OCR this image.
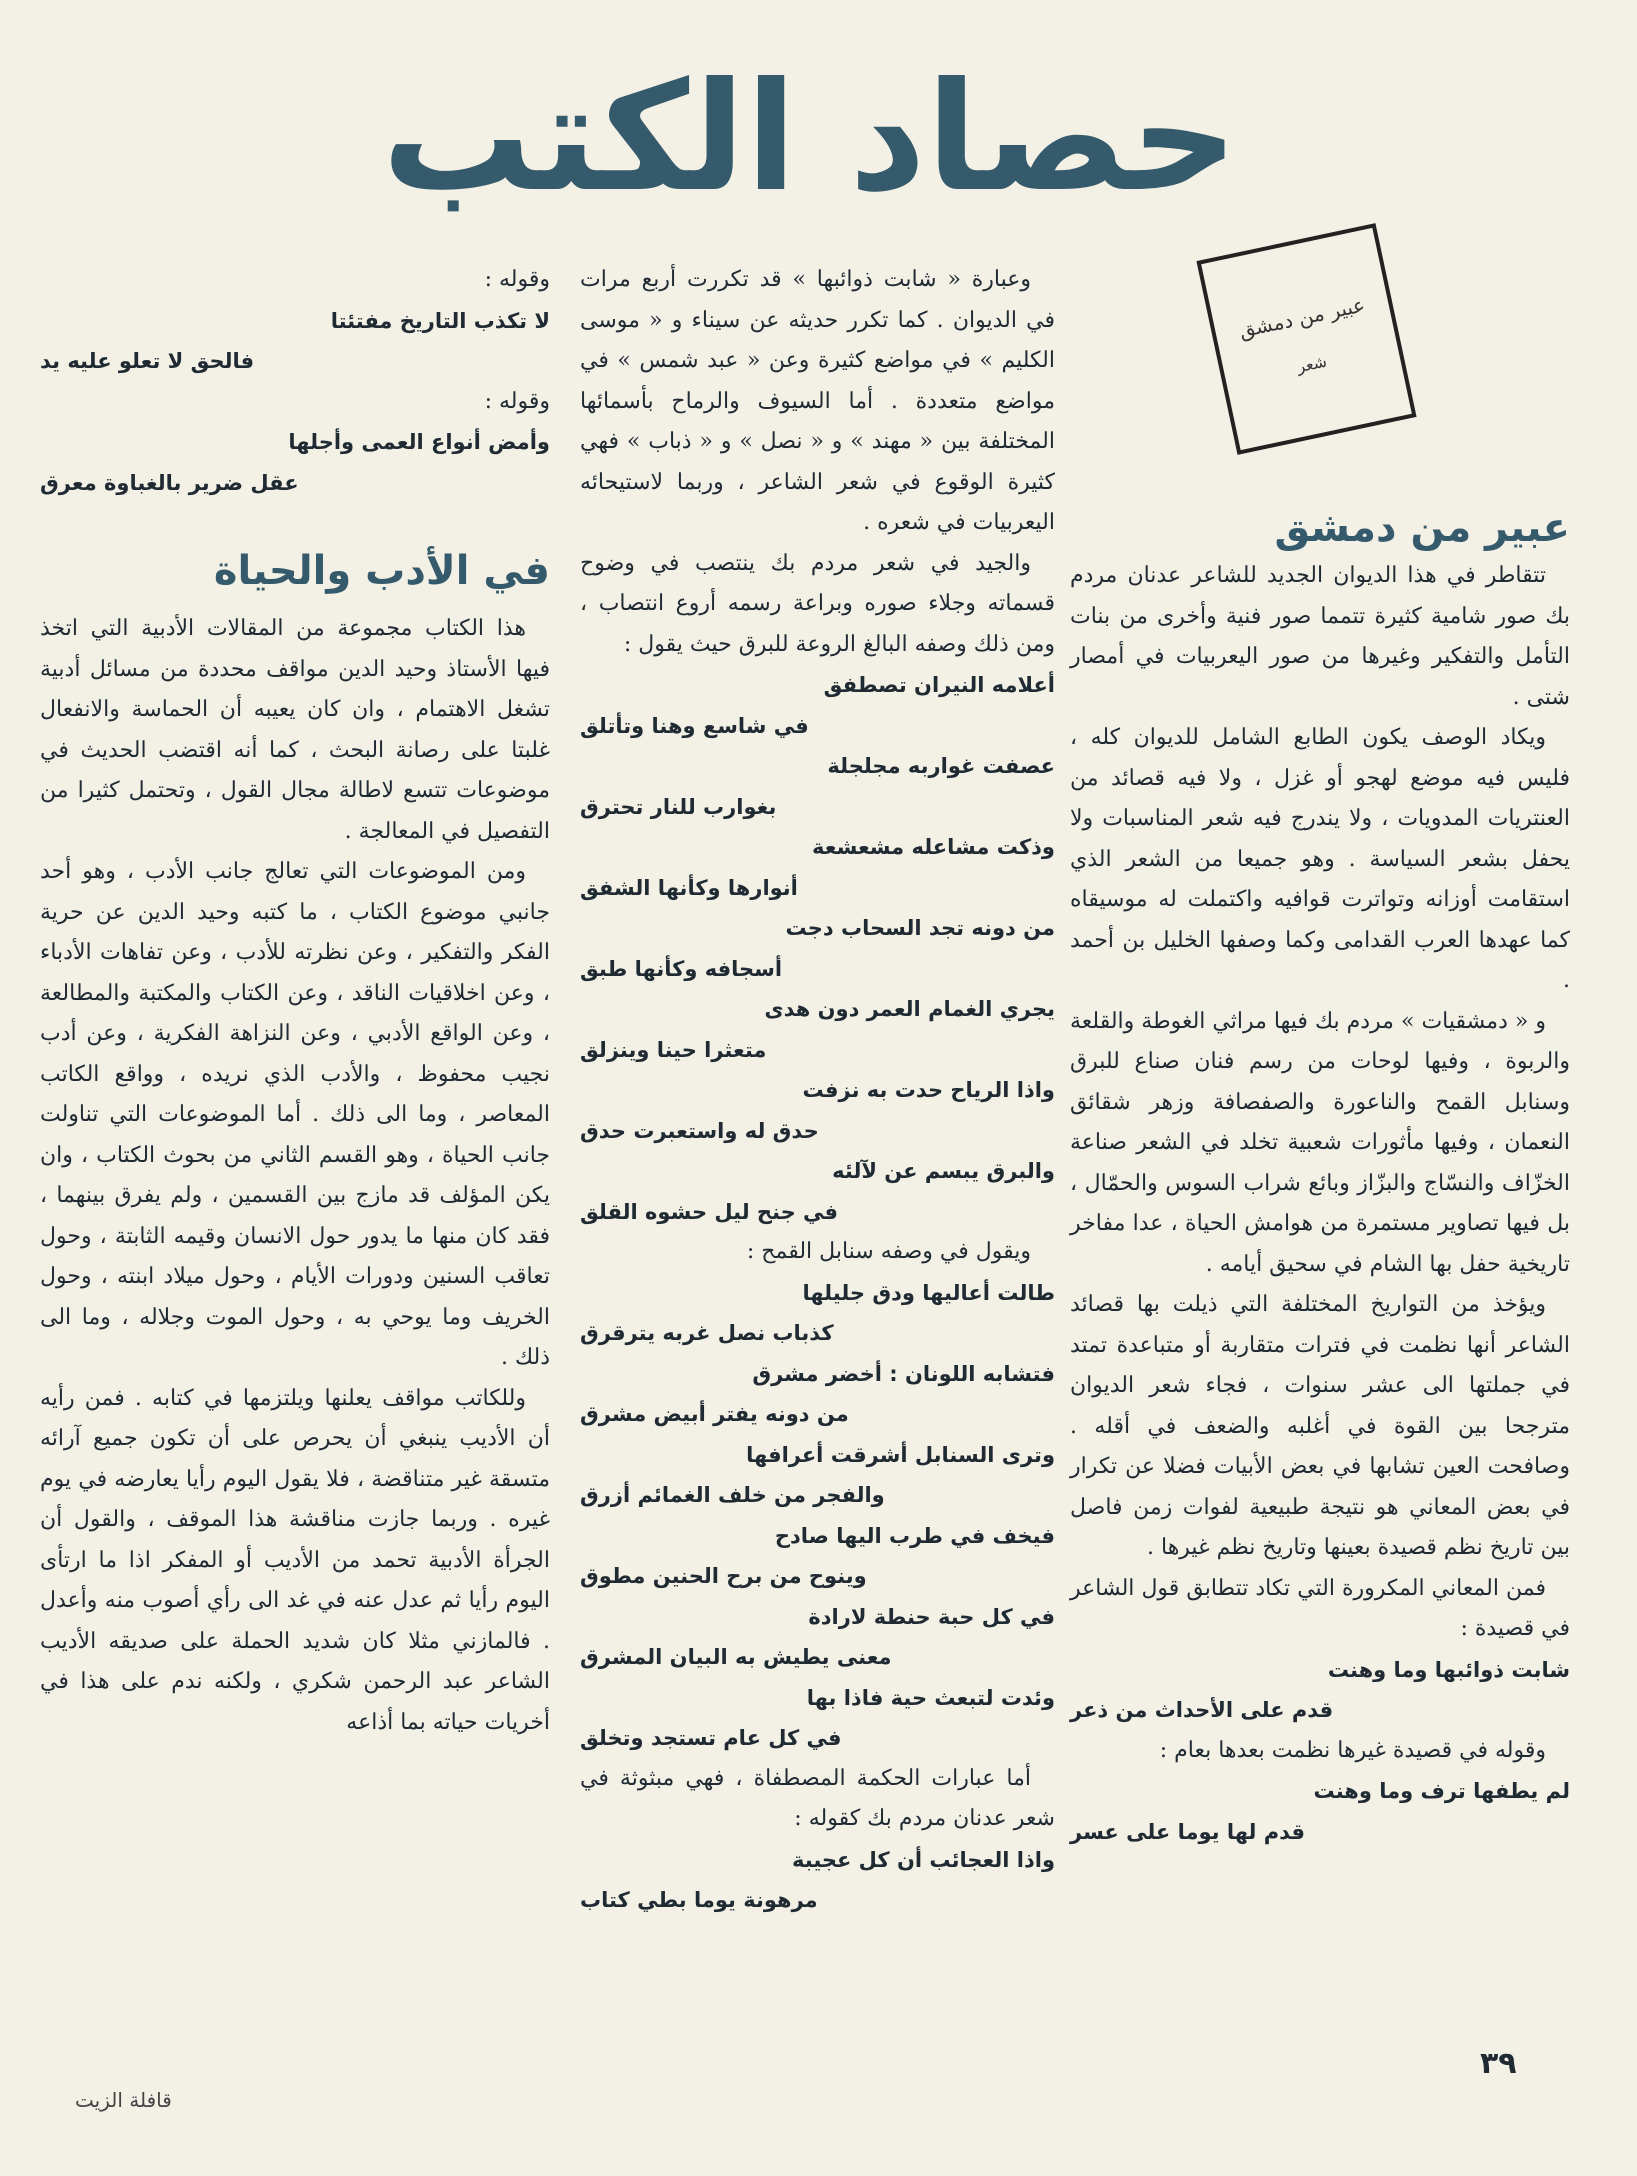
حصاد الكتب
عبير من دمشق
شعر
عبير من دمشق

تتقاطر في هذا الديوان الجديد للشاعر عدنان مردم بك صور شامية كثيرة تتمما صور فنية وأخرى من بنات التأمل والتفكير وغيرها من صور اليعربيات في أمصار شتى .

ويكاد الوصف يكون الطابع الشامل للديوان كله ، فليس فيه موضع لهجو أو غزل ، ولا فيه قصائد من العنتريات المدويات ، ولا يندرج فيه شعر المناسبات ولا يحفل بشعر السياسة . وهو جميعا من الشعر الذي استقامت أوزانه وتواترت قوافيه واكتملت له موسيقاه كما عهدها العرب القدامى وكما وصفها الخليل بن أحمد .

و « دمشقيات » مردم بك فيها مراثي الغوطة والقلعة والربوة ، وفيها لوحات من رسم فنان صناع للبرق وسنابل القمح والناعورة والصفصافة وزهر شقائق النعمان ، وفيها مأثورات شعبية تخلد في الشعر صناعة الخزّاف والنسّاج والبزّاز وبائع شراب السوس والحمّال ، بل فيها تصاوير مستمرة من هوامش الحياة ، عدا مفاخر تاريخية حفل بها الشام في سحيق أيامه .

ويؤخذ من التواريخ المختلفة التي ذيلت بها قصائد الشاعر أنها نظمت في فترات متقاربة أو متباعدة تمتد في جملتها الى عشر سنوات ، فجاء شعر الديوان مترجحا بين القوة في أغلبه والضعف في أقله . وصافحت العين تشابها في بعض الأبيات فضلا عن تكرار في بعض المعاني هو نتيجة طبيعية لفوات زمن فاصل بين تاريخ نظم قصيدة بعينها وتاريخ نظم غيرها .

فمن المعاني المكرورة التي تكاد تتطابق قول الشاعر في قصيدة :

شابت ذوائبها وما وهنت
قدم على الأحداث من ذعر

وقوله في قصيدة غيرها نظمت بعدها بعام :

لم يطفها ترف وما وهنت
قدم لها يوما على عسر

وعبارة « شابت ذوائبها » قد تكررت أربع مرات في الديوان . كما تكرر حديثه عن سيناء و « موسى الكليم » في مواضع كثيرة وعن « عبد شمس » في مواضع متعددة . أما السيوف والرماح بأسمائها المختلفة بين « مهند » و « نصل » و « ذباب » فهي كثيرة الوقوع في شعر الشاعر ، وربما لاستيحائه اليعربيات في شعره .

والجيد في شعر مردم بك ينتصب في وضوح قسماته وجلاء صوره وبراعة رسمه أروع انتصاب ، ومن ذلك وصفه البالغ الروعة للبرق حيث يقول :

أعلامه النيران تصطفق
في شاسع وهنا وتأتلق
عصفت غواربه مجلجلة
بغوارب للنار تحترق
وذكت مشاعله مشعشعة
أنوارها وكأنها الشفق
من دونه تجد السحاب دجت
أسجافه وكأنها طبق
يجري الغمام العمر دون هدى
متعثرا حينا وينزلق
واذا الرياح حدت به نزفت
حدق له واستعبرت حدق
والبرق يبسم عن لآلئه
في جنح ليل حشوه القلق

ويقول في وصفه سنابل القمح :

طالت أعاليها ودق جليلها
كذباب نصل غربه يترقرق
فتشابه اللونان : أخضر مشرق
من دونه يفتر أبيض مشرق
وترى السنابل أشرقت أعرافها
والفجر من خلف الغمائم أزرق
فيخف في طرب اليها صادح
وينوح من برح الحنين مطوق
في كل حبة حنطة لارادة
معنى يطيش به البيان المشرق
وئدت لتبعث حية فاذا بها
في كل عام تستجد وتخلق

أما عبارات الحكمة المصطفاة ، فهي مبثوثة في شعر عدنان مردم بك كقوله :

واذا العجائب أن كل عجيبة
مرهونة يوما بطي كتاب
وقوله :
لا تكذب التاريخ مفتئتا
فالحق لا تعلو عليه يد
وقوله :
وأمض أنواع العمى وأجلها
عقل ضرير بالغباوة معرق
في الأدب والحياة

هذا الكتاب مجموعة من المقالات الأدبية التي اتخذ فيها الأستاذ وحيد الدين مواقف محددة من مسائل أدبية تشغل الاهتمام ، وان كان يعيبه أن الحماسة والانفعال غلبتا على رصانة البحث ، كما أنه اقتضب الحديث في موضوعات تتسع لاطالة مجال القول ، وتحتمل كثيرا من التفصيل في المعالجة .

ومن الموضوعات التي تعالج جانب الأدب ، وهو أحد جانبي موضوع الكتاب ، ما كتبه وحيد الدين عن حرية الفكر والتفكير ، وعن نظرته للأدب ، وعن تفاهات الأدباء ، وعن اخلاقيات الناقد ، وعن الكتاب والمكتبة والمطالعة ، وعن الواقع الأدبي ، وعن النزاهة الفكرية ، وعن أدب نجيب محفوظ ، والأدب الذي نريده ، وواقع الكاتب المعاصر ، وما الى ذلك . أما الموضوعات التي تناولت جانب الحياة ، وهو القسم الثاني من بحوث الكتاب ، وان يكن المؤلف قد مازج بين القسمين ، ولم يفرق بينهما ، فقد كان منها ما يدور حول الانسان وقيمه الثابتة ، وحول تعاقب السنين ودورات الأيام ، وحول ميلاد ابنته ، وحول الخريف وما يوحي به ، وحول الموت وجلاله ، وما الى ذلك .

وللكاتب مواقف يعلنها ويلتزمها في كتابه . فمن رأيه أن الأديب ينبغي أن يحرص على أن تكون جميع آرائه متسقة غير متناقضة ، فلا يقول اليوم رأيا يعارضه في يوم غيره . وربما جازت مناقشة هذا الموقف ، والقول أن الجرأة الأدبية تحمد من الأديب أو المفكر اذا ما ارتأى اليوم رأيا ثم عدل عنه في غد الى رأي أصوب منه وأعدل . فالمازني مثلا كان شديد الحملة على صديقه الأديب الشاعر عبد الرحمن شكري ، ولكنه ندم على هذا في أخريات حياته بما أذاعه

٣٩
قافلة الزيت
